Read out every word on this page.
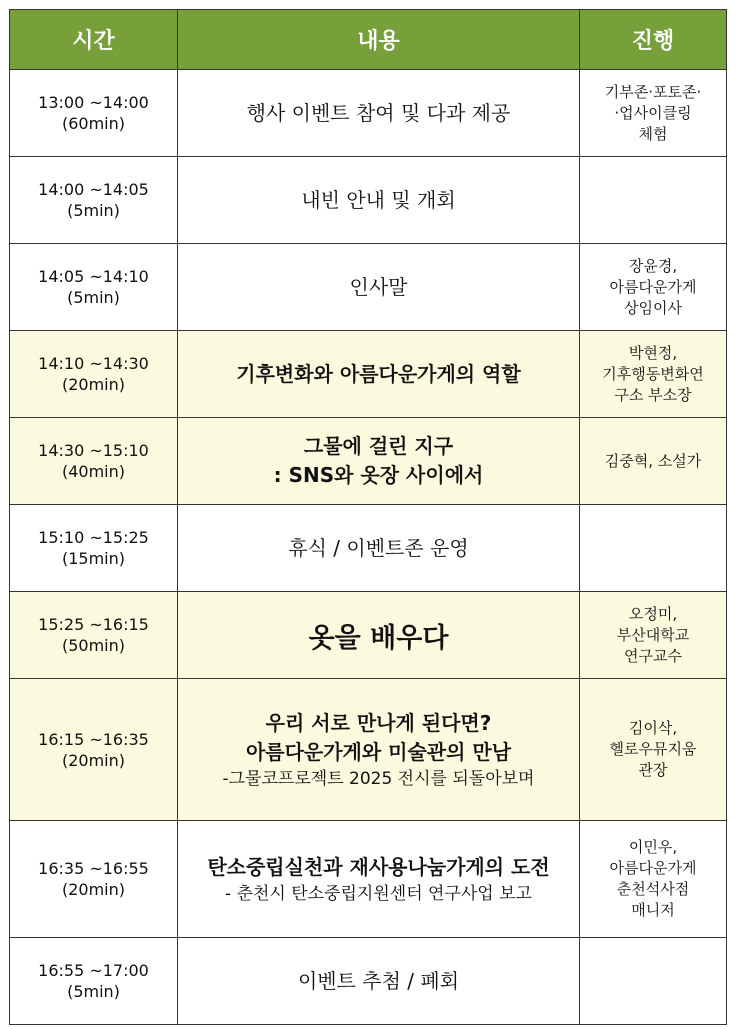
시간	내용	진행

13:00 ~14:00
(60min)	행사 이벤트 참여 및 다과 제공	기부존·포토존·
·업사이클링
체험

14:00 ~14:05
(5min)	내빈 안내 및 개회	

14:05 ~14:10
(5min)	인사말	장윤경,
아름다운가게
상임이사

14:10 ~14:30
(20min)	기후변화와 아름다운가게의 역할	박현정,
기후행동변화연
구소 부소장

14:30 ~15:10
(40min)	그물에 걸린 지구
: SNS와 옷장 사이에서	김중혁, 소설가

15:10 ~15:25
(15min)	휴식 / 이벤트존 운영	

15:25 ~16:15
(50min)	옷을 배우다	오정미,
부산대학교
연구교수

16:15 ~16:35
(20min)	우리 서로 만나게 된다면?
아름다운가게와 미술관의 만남
-그물코프로젝트 2025 전시를 되돌아보며	김이삭,
헬로우뮤지움
관장

16:35 ~16:55
(20min)	탄소중립실천과 재사용나눔가게의 도전
- 춘천시 탄소중립지원센터 연구사업 보고	이민우,
아름다운가게
춘천석사점
매니저

16:55 ~17:00
(5min)	이벤트 추첨 / 폐회	
